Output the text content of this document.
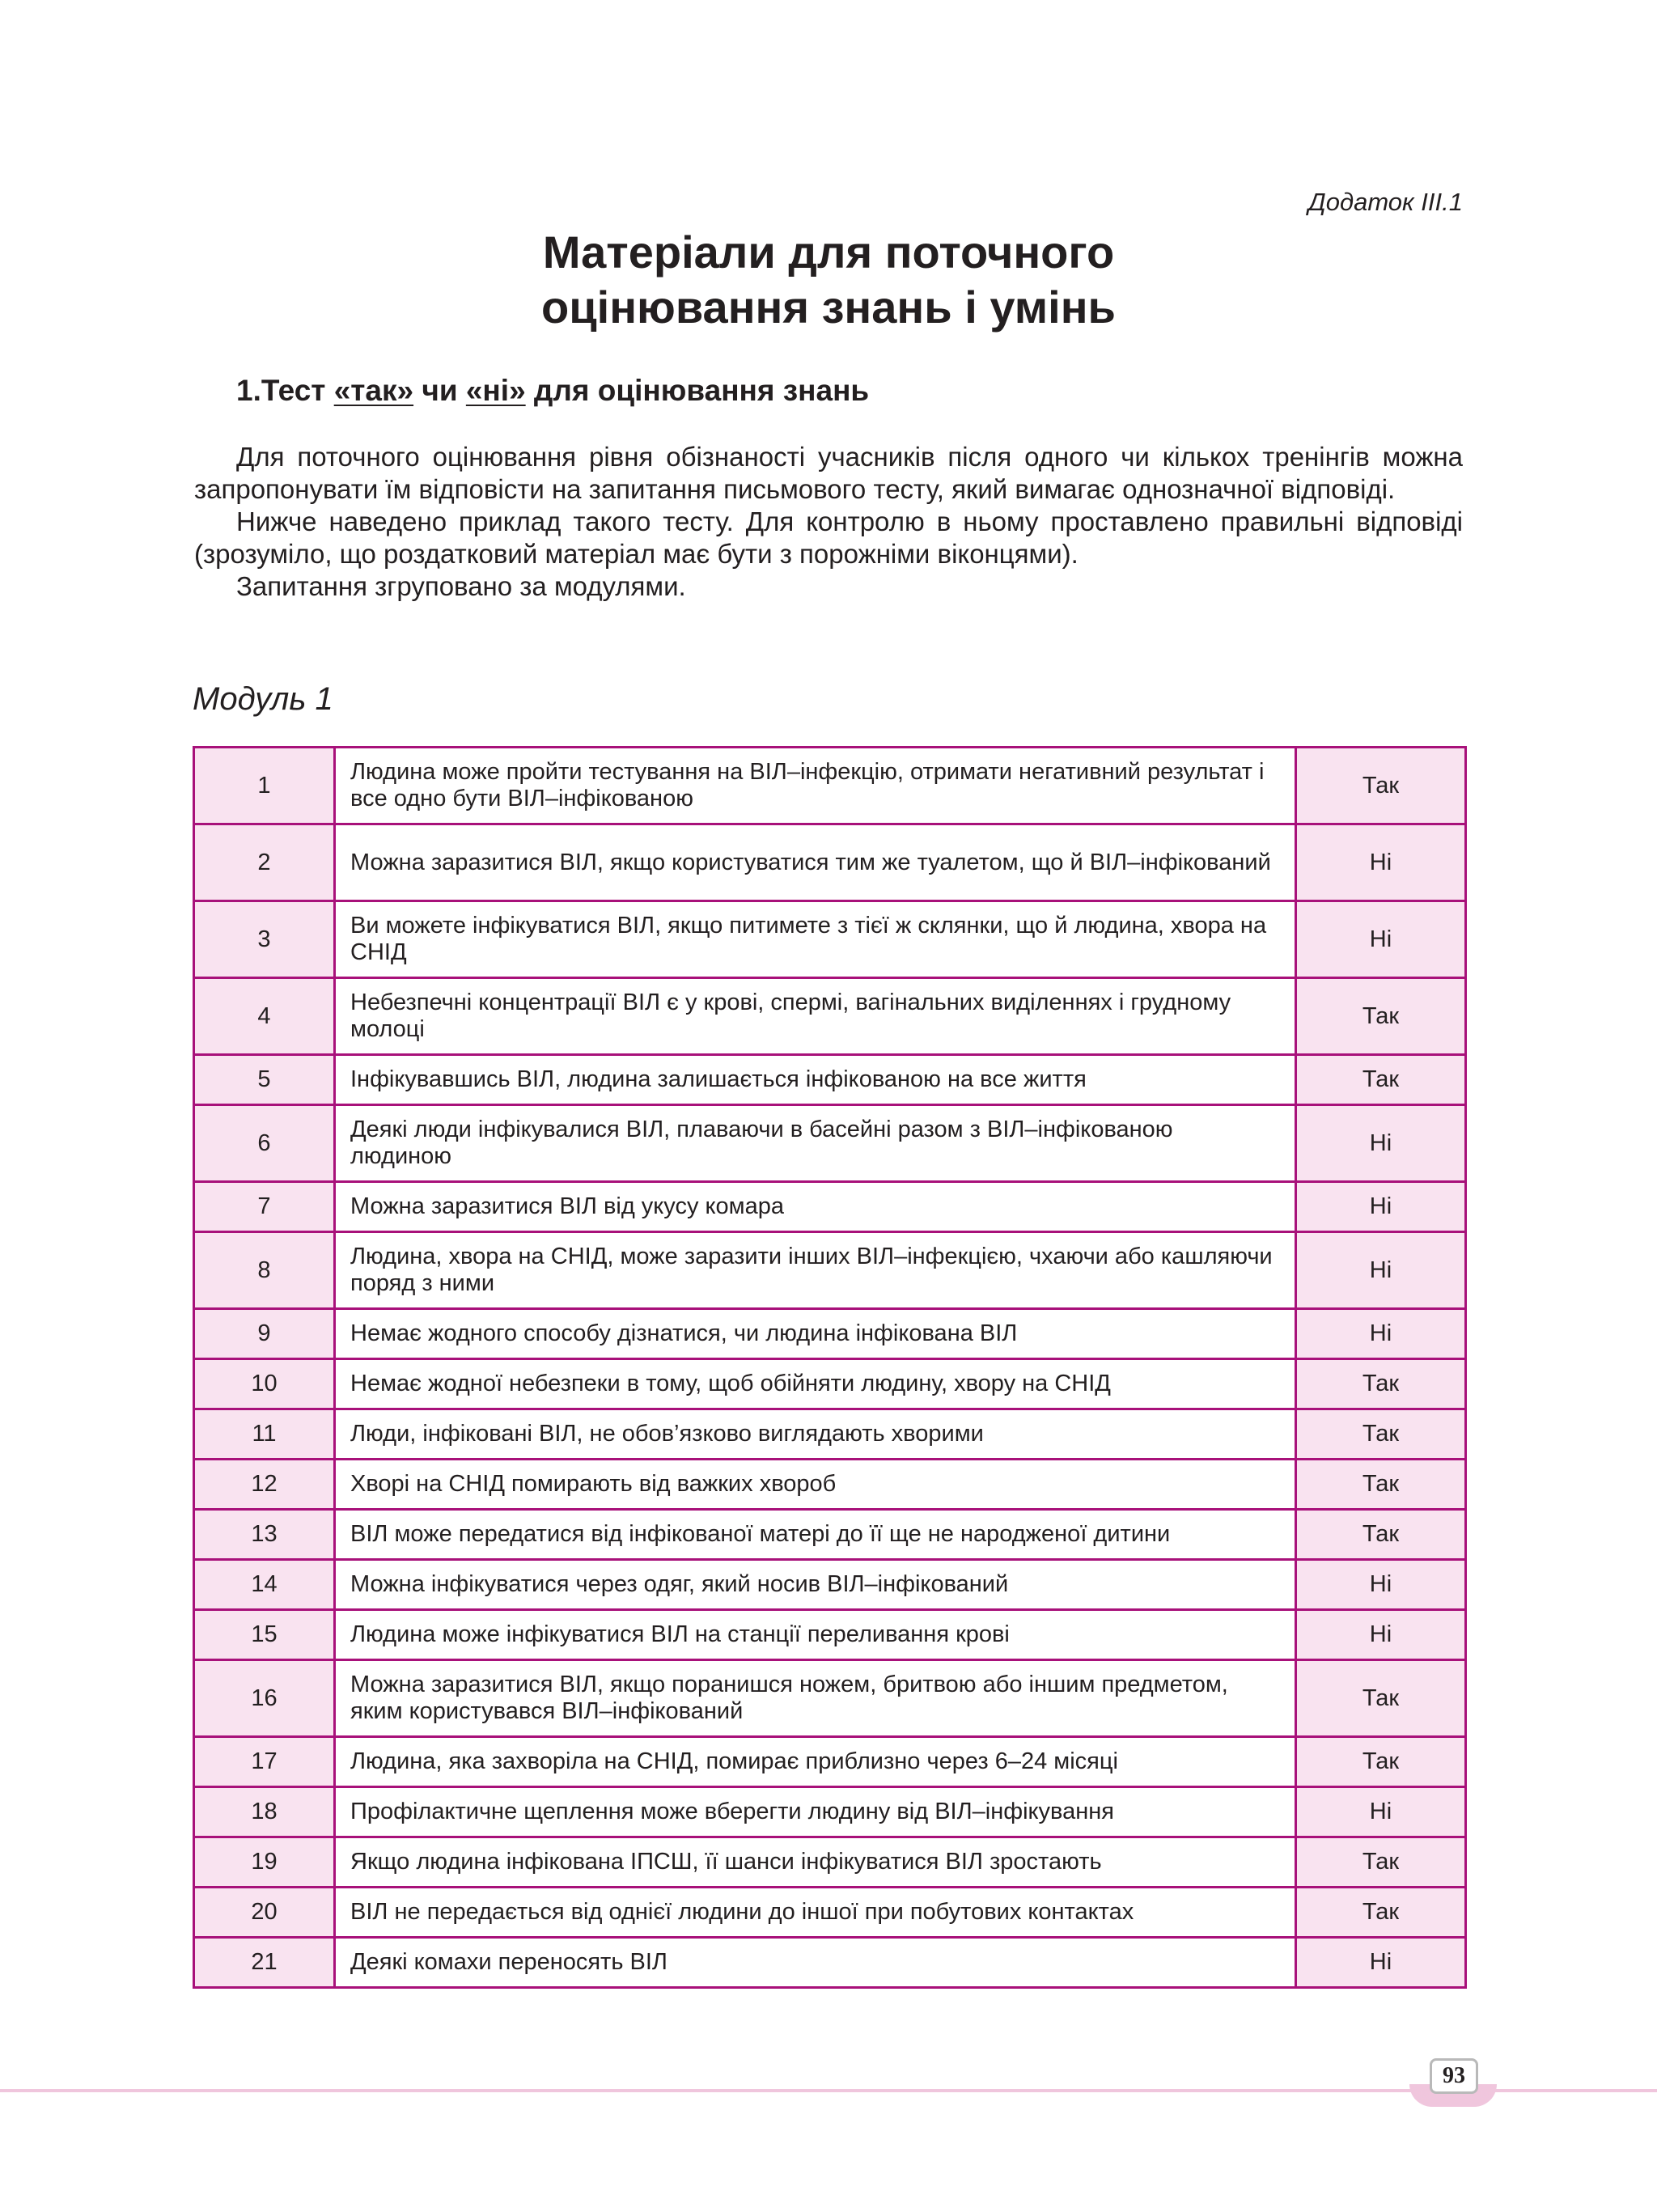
Додаток III.1
Матеріали для поточного
оцінювання знань і умінь
1.Тест «так» чи «ні» для оцінювання знань

Для поточного оцінювання рівня обізнаності учасників після одного чи кількох тренінгів можна запропонувати їм відповісти на запитання письмового тесту, який вимагає однозначної відповіді.

Нижче наведено приклад такого тесту. Для контролю в ньому проставлено правильні відповіді (зрозуміло, що роздатковий матеріал має бути з порожніми віконцями).

Запитання згруповано за модулями.

Модуль 1
1	Людина може пройти тестування на ВІЛ–інфекцію, отримати негативний результат і все одно бути ВІЛ–інфікованою	Так
2	Можна заразитися ВІЛ, якщо користуватися тим же туалетом, що й ВІЛ–інфікований	Ні
3	Ви можете інфікуватися ВІЛ, якщо питимете з тієї ж склянки, що й людина, хвора на СНІД	Ні
4	Небезпечні концентрації ВІЛ є у крові, спермі, вагінальних виділеннях і грудному молоці	Так
5	Інфікувавшись ВІЛ, людина залишається інфікованою на все життя	Так
6	Деякі люди інфікувалися ВІЛ, плаваючи в басейні разом з ВІЛ–інфікованою людиною	Ні
7	Можна заразитися ВІЛ від укусу комара	Ні
8	Людина, хвора на СНІД, може заразити інших ВІЛ–інфекцією, чхаючи або кашляючи поряд з ними	Ні
9	Немає жодного способу дізнатися, чи людина інфікована ВІЛ	Ні
10	Немає жодної небезпеки в тому, щоб обійняти людину, хвору на СНІД	Так
11	Люди, інфіковані ВІЛ, не обов’язково виглядають хворими	Так
12	Хворі на СНІД помирають від важких хвороб	Так
13	ВІЛ може передатися від інфікованої матері до її ще не народженої дитини	Так
14	Можна інфікуватися через одяг, який носив ВІЛ–інфікований	Ні
15	Людина може інфікуватися ВІЛ на станції переливання крові	Ні
16	Можна заразитися ВІЛ, якщо поранишся ножем, бритвою або іншим предметом, яким користувався ВІЛ–інфікований	Так
17	Людина, яка захворіла на СНІД, помирає приблизно через 6–24 місяці	Так
18	Профілактичне щеплення може вберегти людину від ВІЛ–інфікування	Ні
19	Якщо людина інфікована ІПСШ, її шанси інфікуватися ВІЛ зростають	Так
20	ВІЛ не передається від однієї людини до іншої при побутових контактах	Так
21	Деякі комахи переносять ВІЛ	Ні
93
